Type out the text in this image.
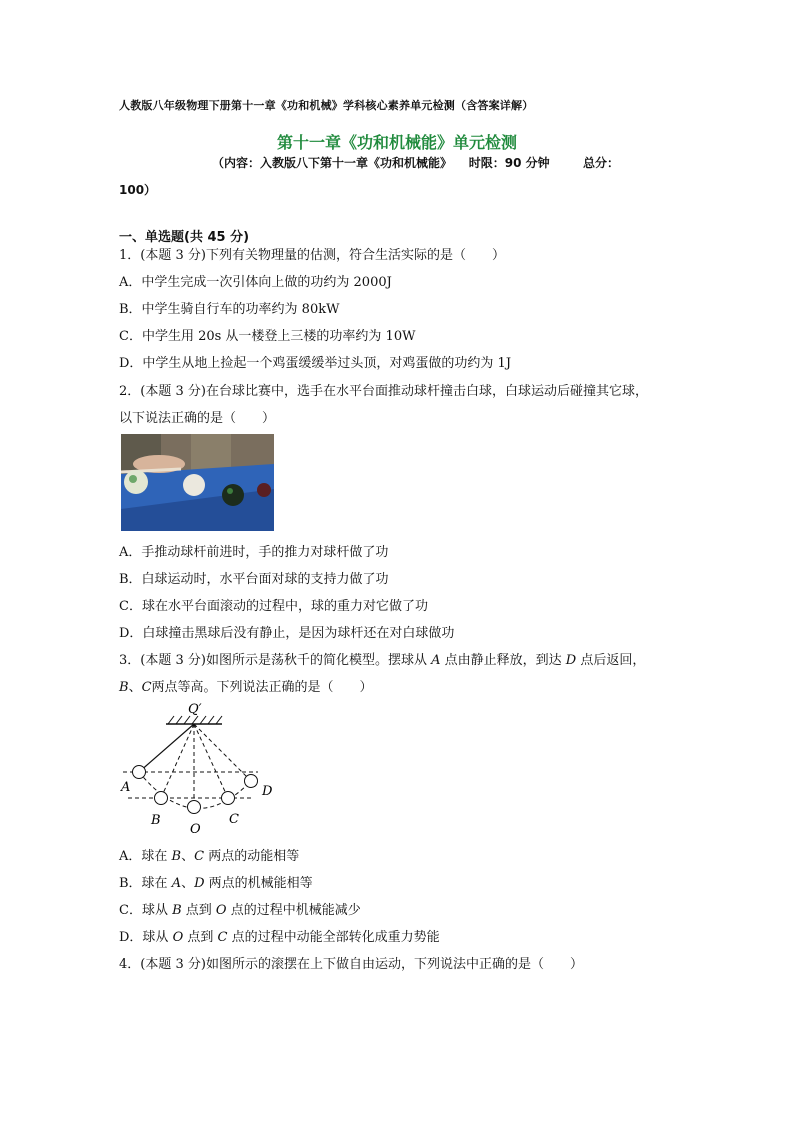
人教版八年级物理下册第十一章《功和机械》学科核心素养单元检测（含答案详解）
第十一章《功和机械能》单元检测
（内容：入教版八下第十一章《功和机械能》    时限：90 分钟        总分：
100）
一、单选题(共 45 分)
1．(本题 3 分)下列有关物理量的估测，符合生活实际的是（　　）
A．中学生完成一次引体向上做的功约为 2000J
B．中学生骑自行车的功率约为 80kW
C．中学生用 20s 从一楼登上三楼的功率约为 10W
D．中学生从地上捡起一个鸡蛋缓缓举过头顶，对鸡蛋做的功约为 1J
2．(本题 3 分)在台球比赛中，选手在水平台面推动球杆撞击白球，白球运动后碰撞其它球，
以下说法正确的是（　　）
A．手推动球杆前进时，手的推力对球杆做了功
B．白球运动时，水平台面对球的支持力做了功
C．球在水平台面滚动的过程中，球的重力对它做了功
D．白球撞击黑球后没有静止，是因为球杆还在对白球做功
3．(本题 3 分)如图所示是荡秋千的简化模型。摆球从 A 点由静止释放，到达 D 点后返回，
B、C两点等高。下列说法正确的是（　　）
Q′
A
B
O
C
D
A．球在 B、C 两点的动能相等
B．球在 A、D 两点的机械能相等
C．球从 B 点到 O 点的过程中机械能减少
D．球从 O 点到 C 点的过程中动能全部转化成重力势能
4．(本题 3 分)如图所示的滚摆在上下做自由运动，下列说法中正确的是（　　）
